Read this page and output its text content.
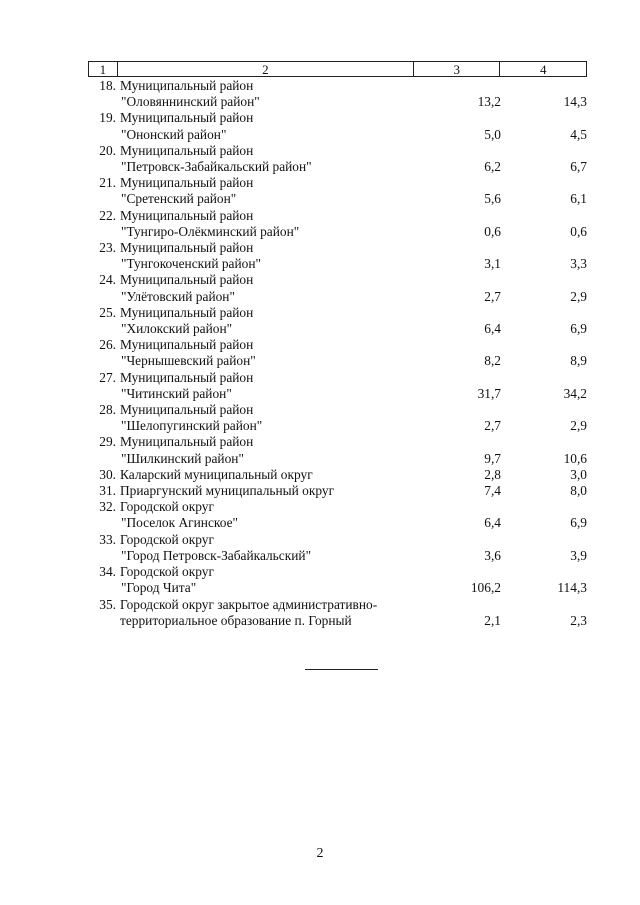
1	2	3	4
18. Муниципальный район
"Оловяннинский район"	13,2	14,3
19. Муниципальный район
"Ононский район"	5,0	4,5
20. Муниципальный район
"Петровск-Забайкальский район"	6,2	6,7
21. Муниципальный район
"Сретенский район"	5,6	6,1
22. Муниципальный район
"Тунгиро-Олёкминский район"	0,6	0,6
23. Муниципальный район
"Тунгокоченский район"	3,1	3,3
24. Муниципальный район
"Улётовский район"	2,7	2,9
25. Муниципальный район
"Хилокский район"	6,4	6,9
26. Муниципальный район
"Чернышевский район"	8,2	8,9
27. Муниципальный район
"Читинский район"	31,7	34,2
28. Муниципальный район
"Шелопугинский район"	2,7	2,9
29. Муниципальный район
"Шилкинский район"	9,7	10,6
30. Каларский муниципальный округ	2,8	3,0
31. Приаргунский муниципальный округ	7,4	8,0
32. Городской округ
"Поселок Агинское"	6,4	6,9
33. Городской округ
"Город Петровск-Забайкальский"	3,6	3,9
34. Городской округ
"Город Чита"	106,2	114,3
35. Городской округ закрытое административно-
территориальное образование п. Горный	2,1	2,3
2
